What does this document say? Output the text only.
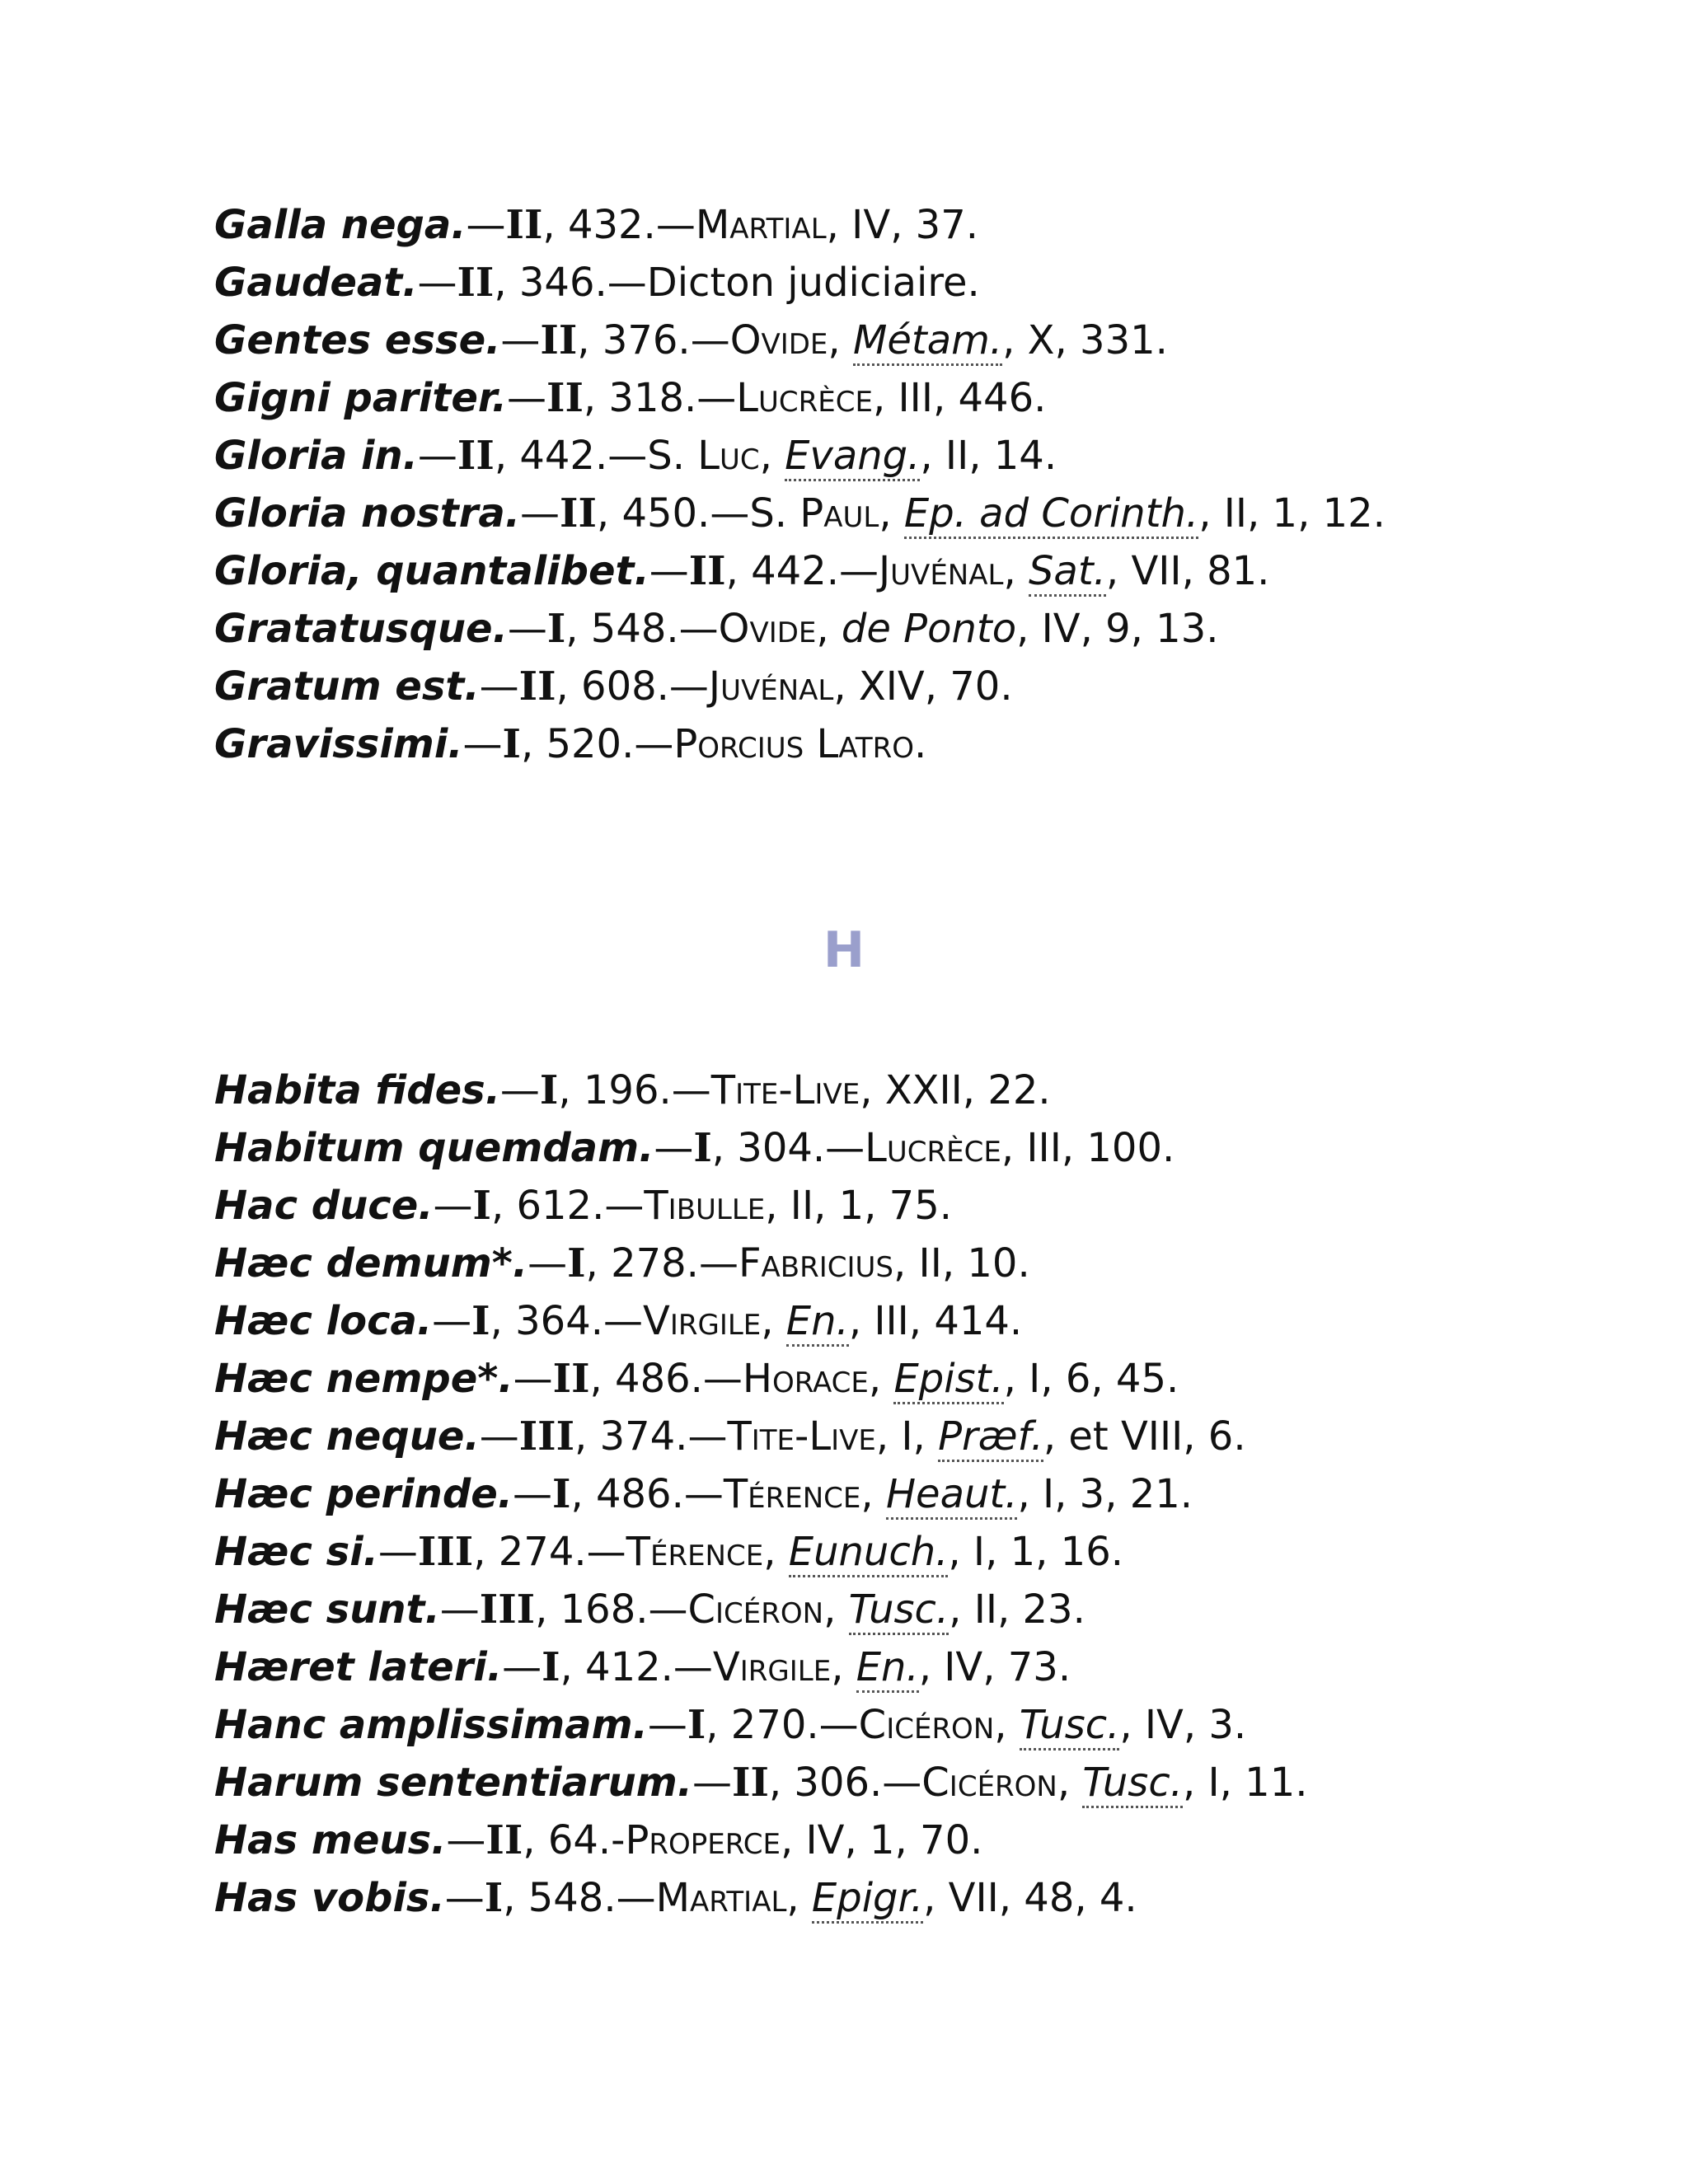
Galla nega.—II, 432.—Martial, IV, 37.
Gaudeat.—II, 346.—Dicton judiciaire.
Gentes esse.—II, 376.—Ovide, Métam., X, 331.
Gigni pariter.—II, 318.—Lucrèce, III, 446.
Gloria in.—II, 442.—S. Luc, Evang., II, 14.
Gloria nostra.—II, 450.—S. Paul, Ep. ad Corinth., II, 1, 12.
Gloria, quantalibet.—II, 442.—Juvénal, Sat., VII, 81.
Gratatusque.—I, 548.—Ovide, de Ponto, IV, 9, 13.
Gratum est.—II, 608.—Juvénal, XIV, 70.
Gravissimi.—I, 520.—Porcius Latro.
H
Habita fides.—I, 196.—Tite-Live, XXII, 22.
Habitum quemdam.—I, 304.—Lucrèce, III, 100.
Hac duce.—I, 612.—Tibulle, II, 1, 75.
Hæc demum*.—I, 278.—Fabricius, II, 10.
Hæc loca.—I, 364.—Virgile, En., III, 414.
Hæc nempe*.—II, 486.—Horace, Epist., I, 6, 45.
Hæc neque.—III, 374.—Tite-Live, I, Præf., et VIII, 6.
Hæc perinde.—I, 486.—Térence, Heaut., I, 3, 21.
Hæc si.—III, 274.—Térence, Eunuch., I, 1, 16.
Hæc sunt.—III, 168.—Cicéron, Tusc., II, 23.
Hæret lateri.—I, 412.—Virgile, En., IV, 73.
Hanc amplissimam.—I, 270.—Cicéron, Tusc., IV, 3.
Harum sententiarum.—II, 306.—Cicéron, Tusc., I, 11.
Has meus.—II, 64.-Properce, IV, 1, 70.
Has vobis.—I, 548.—Martial, Epigr., VII, 48, 4.
